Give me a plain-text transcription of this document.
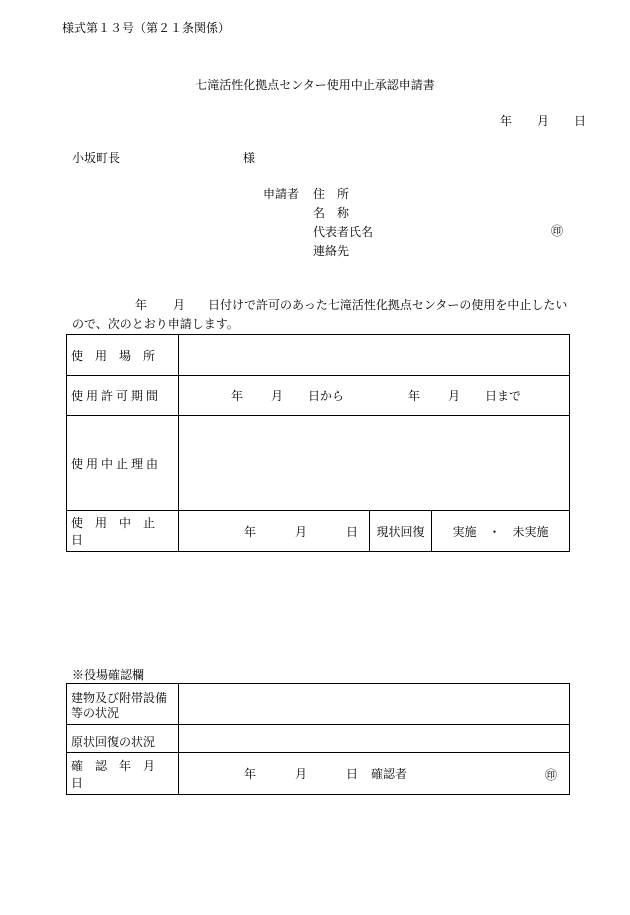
様式第１３号（第２１条関係）
七滝活性化拠点センター使用中止承認申請書
年 月 日
小坂町長	様
申請者 住　所
名　称
代表者氏名	㊞
連絡先
年 月 日付けで許可のあった七滝活性化拠点センターの使用を中止したい
ので、次のとおり申請します。
使　用　場　所			

使用許可期間	年 月 日から 年 月 日まで		

使用中止理由			

使　用　中　止　日	年 月 日	現状回復	実施　・　未実施
※役場確認欄
建物及び附帯設備
等の状況	

原状回復の状況	
確　認　年　月　日	年 月 日 確認者 ㊞
